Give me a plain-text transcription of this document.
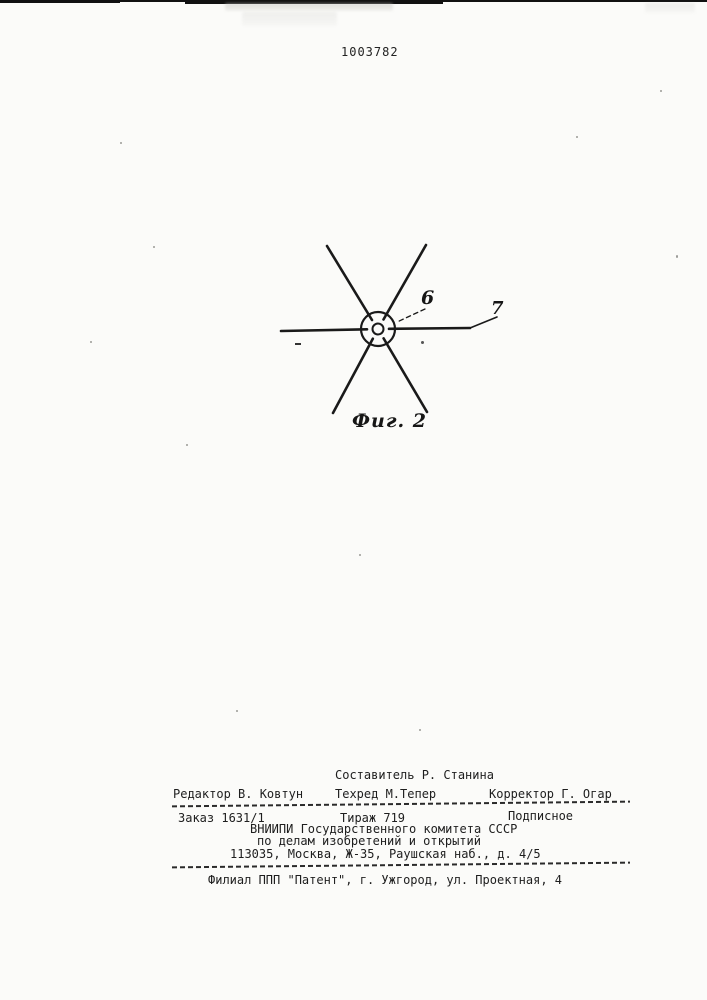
1003782
6	7
Фиг. 2
Составитель Р. Станина
Редактор В. Ковтун	Техред М.Тепер	Корректор Г. Огар
Заказ 1631/1	Тираж 719	Подписное
ВНИИПИ Государственного комитета СССР
по делам изобретений и открытий
113035, Москва, Ж-35, Раушская наб., д. 4/5
Филиал ППП "Патент", г. Ужгород, ул. Проектная, 4
